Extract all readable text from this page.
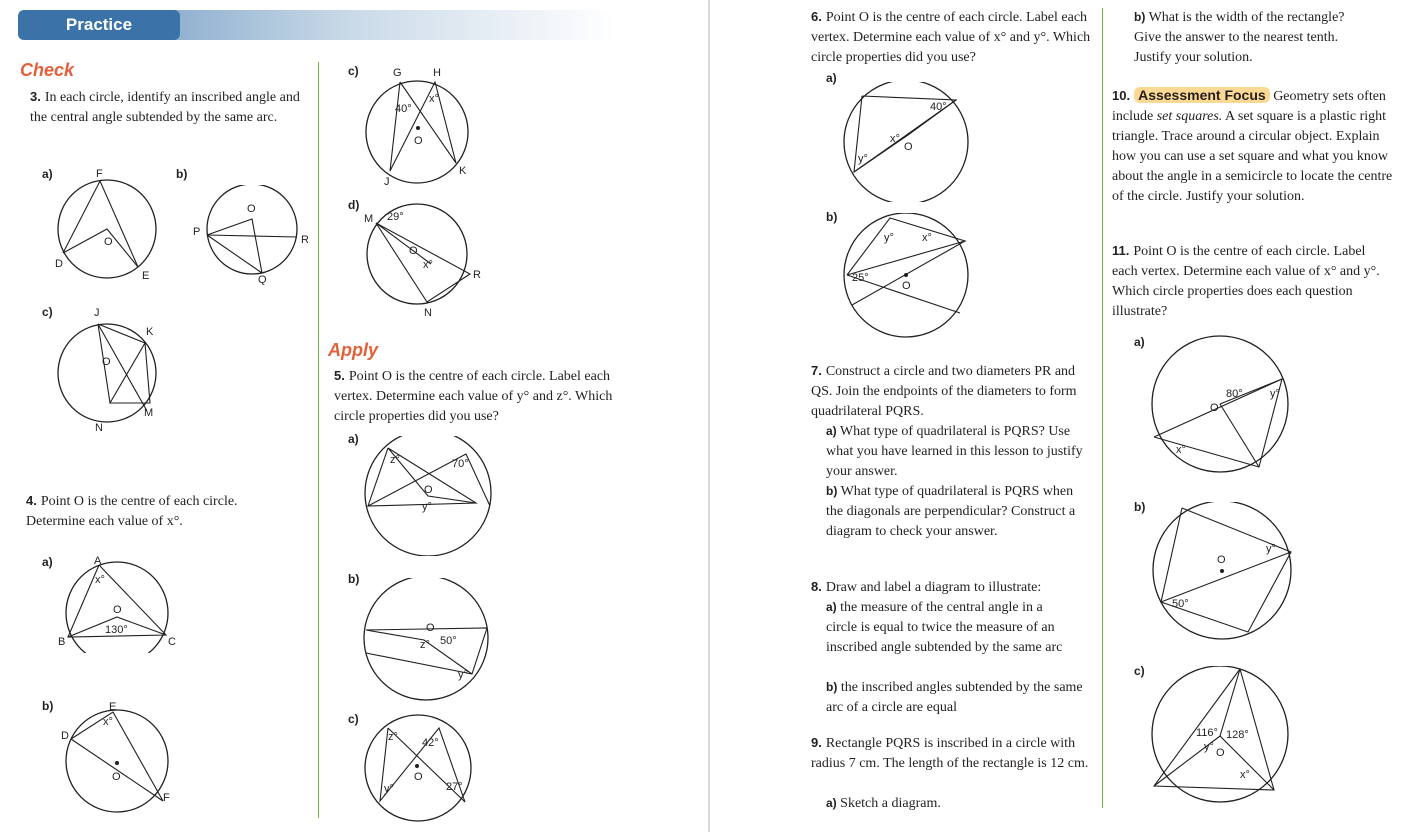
Practice
Check
3. In each circle, identify an inscribed angle and the central angle subtended by the same arc.
a)	b)
F
D
E
O
O
P
R
Q
c)	J
K
O
M
N
4. Point O is the centre of each circle. Determine each value of x°.
a)	A
x°
O
130°
B	C
b)	E
x°
D
O
F
c)	G	H
40°
x°
O
J
K
d)
M 29°
O
x°
R
N
Apply
5. Point O is the centre of each circle. Label each vertex. Determine each value of y° and z°. Which circle properties did you use?
a)
z°	70°
O
y°
b)
O
z° 50°
y°
c)
z° 42°
O
y°	27°
6. Point O is the centre of each circle. Label each vertex. Determine each value of x° and y°. Which circle properties did you use?
a)
40°
x°
O
y°
b)
y°	x°
25°
O
7. Construct a circle and two diameters PR and QS. Join the endpoints of the diameters to form quadrilateral PQRS.
a) What type of quadrilateral is PQRS? Use what you have learned in this lesson to justify your answer.
b) What type of quadrilateral is PQRS when the diagonals are perpendicular? Construct a diagram to check your answer.
8. Draw and label a diagram to illustrate:
a) the measure of the central angle in a circle is equal to twice the measure of an inscribed angle subtended by the same arc
b) the inscribed angles subtended by the same arc of a circle are equal
9. Rectangle PQRS is inscribed in a circle with radius 7 cm. The length of the rectangle is 12 cm.
a) Sketch a diagram.
b) What is the width of the rectangle? Give the answer to the nearest tenth. Justify your solution.
10. Assessment Focus Geometry sets often include set squares. A set square is a plastic right triangle. Trace around a circular object. Explain how you can use a set square and what you know about the angle in a semicircle to locate the centre of the circle. Justify your solution.
11. Point O is the centre of each circle. Label each vertex. Determine each value of x° and y°. Which circle properties does each question illustrate?
a)
80°
O
y°
x°
b)
O
y°
50°
c)
116° 128°
y° O
x°
